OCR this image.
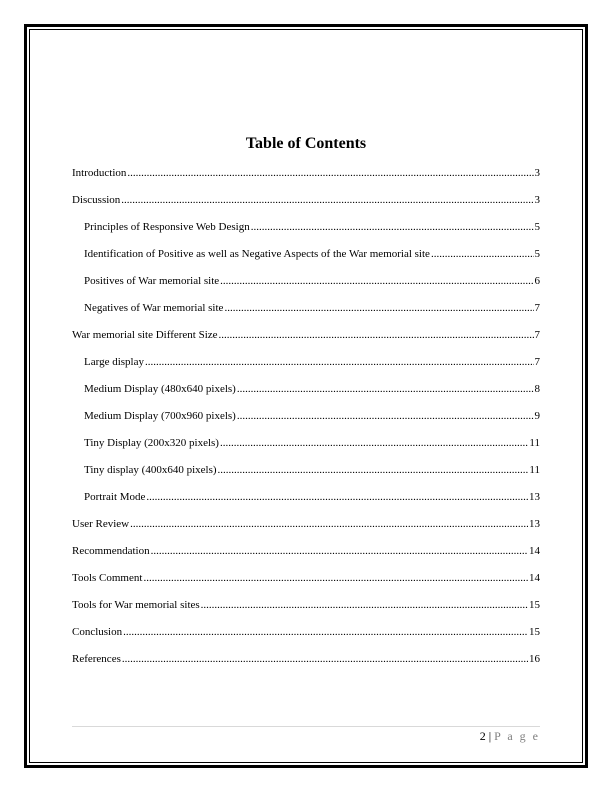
Table of Contents
Introduction .....	3
Discussion .....	3
Principles of Responsive Web Design .....	5
Identification of Positive as well as Negative Aspects of the War memorial site .....	5
Positives of War memorial site .....	6
Negatives of War memorial site .....	7
War memorial site Different Size .....	7
Large display .....	7
Medium Display (480x640 pixels) .....	8
Medium Display (700x960 pixels) .....	9
Tiny Display (200x320 pixels) .....	11
Tiny display (400x640 pixels) .....	11
Portrait Mode .....	13
User Review .....	13
Recommendation .....	14
Tools Comment .....	14
Tools for War memorial sites .....	15
Conclusion .....	15
References .....	16
2 | P a g e
